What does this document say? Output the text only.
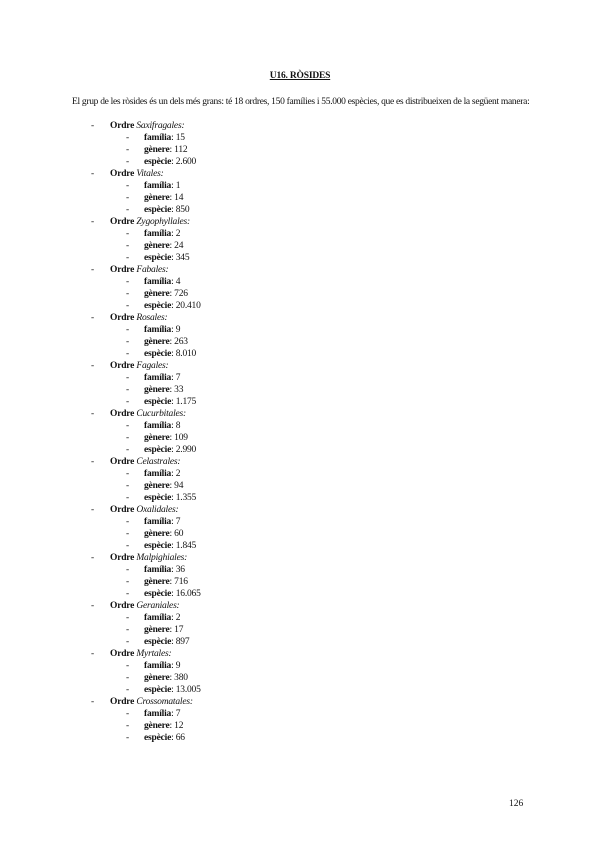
U16. RÒSIDES
El grup de les ròsides és un dels més grans: té 18 ordres, 150 famílies i 55.000 espècies, que es distribueixen de la següent manera:
- Ordre Saxifragales:
- família: 15
- gènere: 112
- espècie: 2.600
- Ordre Vitales:
- família: 1
- gènere: 14
- espècie: 850
- Ordre Zygophyllales:
- família: 2
- gènere: 24
- espècie: 345
- Ordre Fabales:
- família: 4
- gènere: 726
- espècie: 20.410
- Ordre Rosales:
- família: 9
- gènere: 263
- espècie: 8.010
- Ordre Fagales:
- família: 7
- gènere: 33
- espècie: 1.175
- Ordre Cucurbitales:
- família: 8
- gènere: 109
- espècie: 2.990
- Ordre Celastrales:
- família: 2
- gènere: 94
- espècie: 1.355
- Ordre Oxalidales:
- família: 7
- gènere: 60
- espècie: 1.845
- Ordre Malpighiales:
- família: 36
- gènere: 716
- espècie: 16.065
- Ordre Geraniales:
- família: 2
- gènere: 17
- espècie: 897
- Ordre Myrtales:
- família: 9
- gènere: 380
- espècie: 13.005
- Ordre Crossomatales:
- família: 7
- gènere: 12
- espècie: 66
126
